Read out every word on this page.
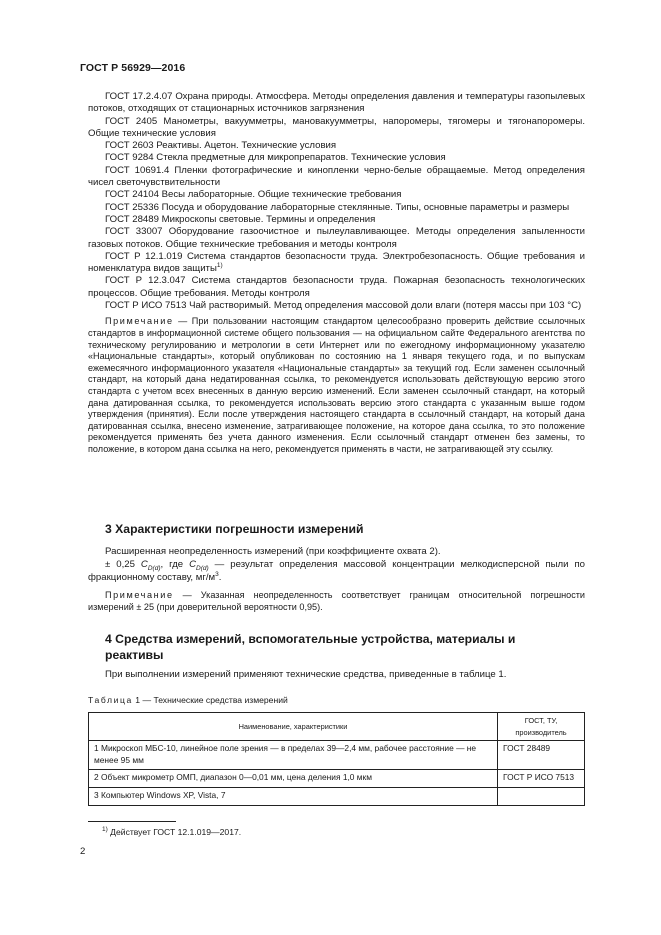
ГОСТ Р 56929—2016

ГОСТ 17.2.4.07 Охрана природы. Атмосфера. Методы определения давления и температуры газопылевых потоков, отходящих от стационарных источников загрязнения

ГОСТ 2405 Манометры, вакуумметры, мановакуумметры, напоромеры, тягомеры и тягонапоромеры. Общие технические условия

ГОСТ 2603 Реактивы. Ацетон. Технические условия

ГОСТ 9284 Стекла предметные для микропрепаратов. Технические условия

ГОСТ 10691.4 Пленки фотографические и кинопленки черно-белые обращаемые. Метод определения чисел светочувствительности

ГОСТ 24104 Весы лабораторные. Общие технические требования

ГОСТ 25336 Посуда и оборудование лабораторные стеклянные. Типы, основные параметры и размеры

ГОСТ 28489 Микроскопы световые. Термины и определения

ГОСТ 33007 Оборудование газоочистное и пылеулавливающее. Методы определения запыленности газовых потоков. Общие технические требования и методы контроля

ГОСТ Р 12.1.019 Система стандартов безопасности труда. Электробезопасность. Общие требования и номенклатура видов защиты$^{1)}$

ГОСТ Р 12.3.047 Система стандартов безопасности труда. Пожарная безопасность технологических процессов. Общие требования. Методы контроля

ГОСТ Р ИСО 7513 Чай растворимый. Метод определения массовой доли влаги (потеря массы при 103 °С)

Примечание — При пользовании настоящим стандартом целесообразно проверить действие ссылочных стандартов в информационной системе общего пользования — на официальном сайте Федерального агентства по техническому регулированию и метрологии в сети Интернет или по ежегодному информационному указателю «Национальные стандарты», который опубликован по состоянию на 1 января текущего года, и по выпускам ежемесячного информационного указателя «Национальные стандарты» за текущий год. Если заменен ссылочный стандарт, на который дана недатированная ссылка, то рекомендуется использовать действующую версию этого стандарта с учетом всех внесенных в данную версию изменений. Если заменен ссылочный стандарт, на который дана датированная ссылка, то рекомендуется использовать версию этого стандарта с указанным выше годом утверждения (принятия). Если после утверждения настоящего стандарта в ссылочный стандарт, на который дана датированная ссылка, внесено изменение, затрагивающее положение, на которое дана ссылка, то это положение рекомендуется применять без учета данного изменения. Если ссылочный стандарт отменен без замены, то положение, в котором дана ссылка на него, рекомендуется применять в части, не затрагивающей эту ссылку.

3 Характеристики погрешности измерений

Расширенная неопределенность измерений (при коэффициенте охвата 2).

± 0,25 $C_{D(d)}$, где $C_{D(d)}$ — результат определения массовой концентрации мелкодисперсной пыли по фракционному составу, $мг/м^3$.

Примечание — Указанная неопределенность соответствует границам относительной погрешности измерений ± 25 (при доверительной вероятности 0,95).

4 Средства измерений, вспомогательные устройства, материалы и реактивы
При выполнении измерений применяют технические средства, приведенные в таблице 1.
Таблица 1 — Технические средства измерений
Наименование, характеристики	ГОСТ, ТУ, производитель
1 Микроскоп МБС-10, линейное поле зрения — в пределах 39—2,4 мм, рабочее расстояние — не менее 95 мм	ГОСТ 28489
2 Объект микрометр ОМП, диапазон 0—0,01 мм, цена деления 1,0 мкм	ГОСТ Р ИСО 7513
3 Компьютер Windows XP, Vista, 7	
$^{1)}$ Действует ГОСТ 12.1.019—2017.
2
